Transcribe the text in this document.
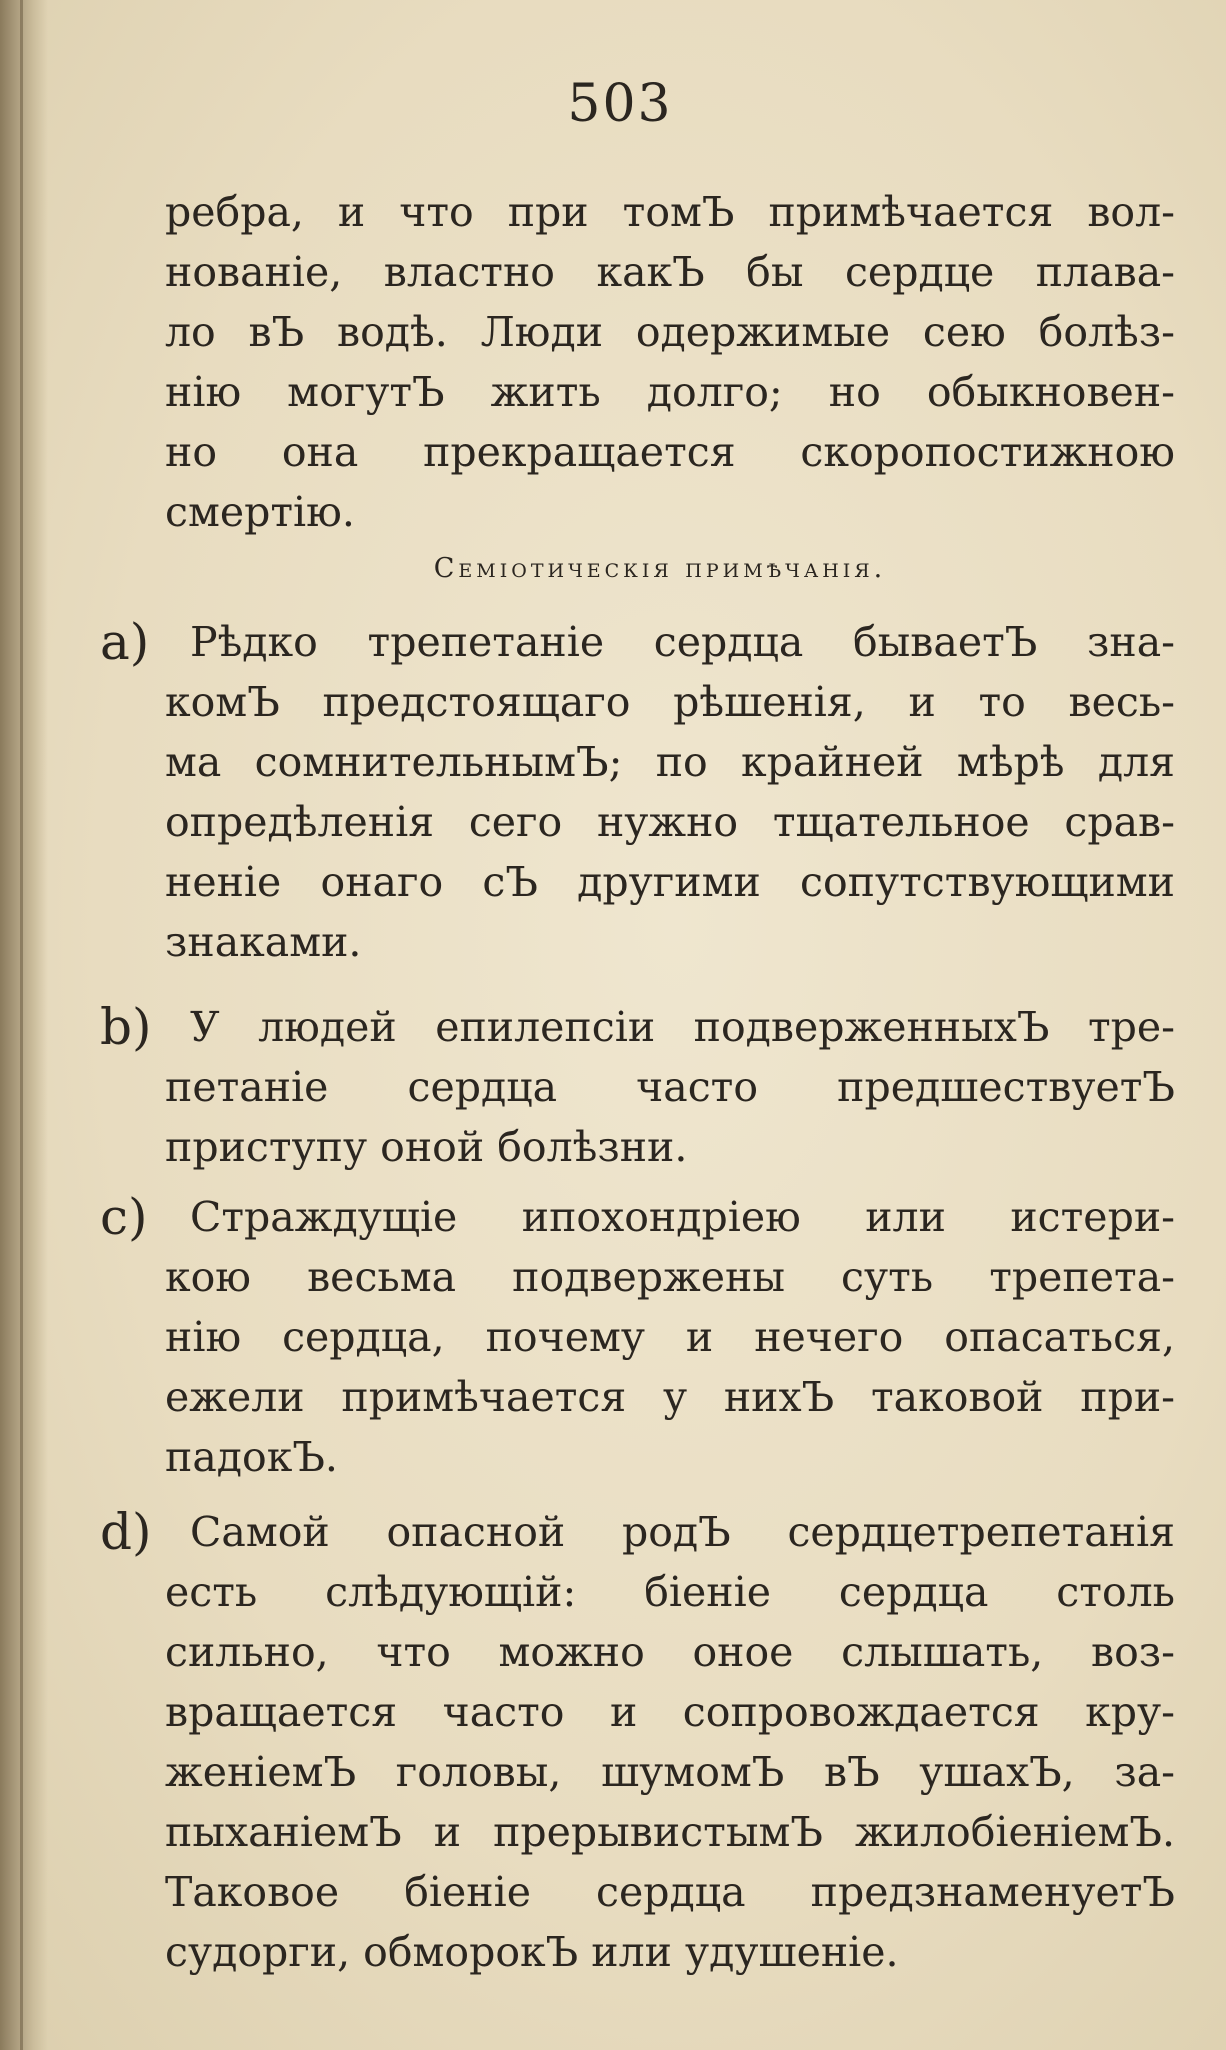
503
ребра, и что при томЪ примѣчается вол-
нованіе, властно какЪ бы сердце плава-
ло вЪ водѣ. Люди одержимые сею болѣз-
нію могутЪ жить долго; но обыкновен-
но она прекращается скоропостижною
смертію.
Семіотическія примѣчанія.
a) Рѣдко трепетаніе сердца бываетЪ зна-
комЪ предстоящаго рѣшенія, и то весь-
ма сомнительнымЪ; по крайней мѣрѣ для
опредѣленія сего нужно тщательное срав-
неніе онаго сЪ другими сопутствующими
знаками.
b) У людей епилепсіи подверженныхЪ тре-
петаніе сердца часто предшествуетЪ
приступу оной болѣзни.
c) Страждущіе ипохондріею или истери-
кою весьма подвержены суть трепета-
нію сердца, почему и нечего опасаться,
ежели примѣчается у нихЪ таковой при-
падокЪ.
d) Самой опасной родЪ сердцетрепетанія
есть слѣдующій: біеніе сердца столь
сильно, что можно оное слышать, воз-
вращается часто и сопровождается кру-
женіемЪ головы, шумомЪ вЪ ушахЪ, за-
пыханіемЪ и прерывистымЪ жилобіеніемЪ.
Таковое біеніе сердца предзнаменуетЪ
судорги, обморокЪ или удушеніе.
